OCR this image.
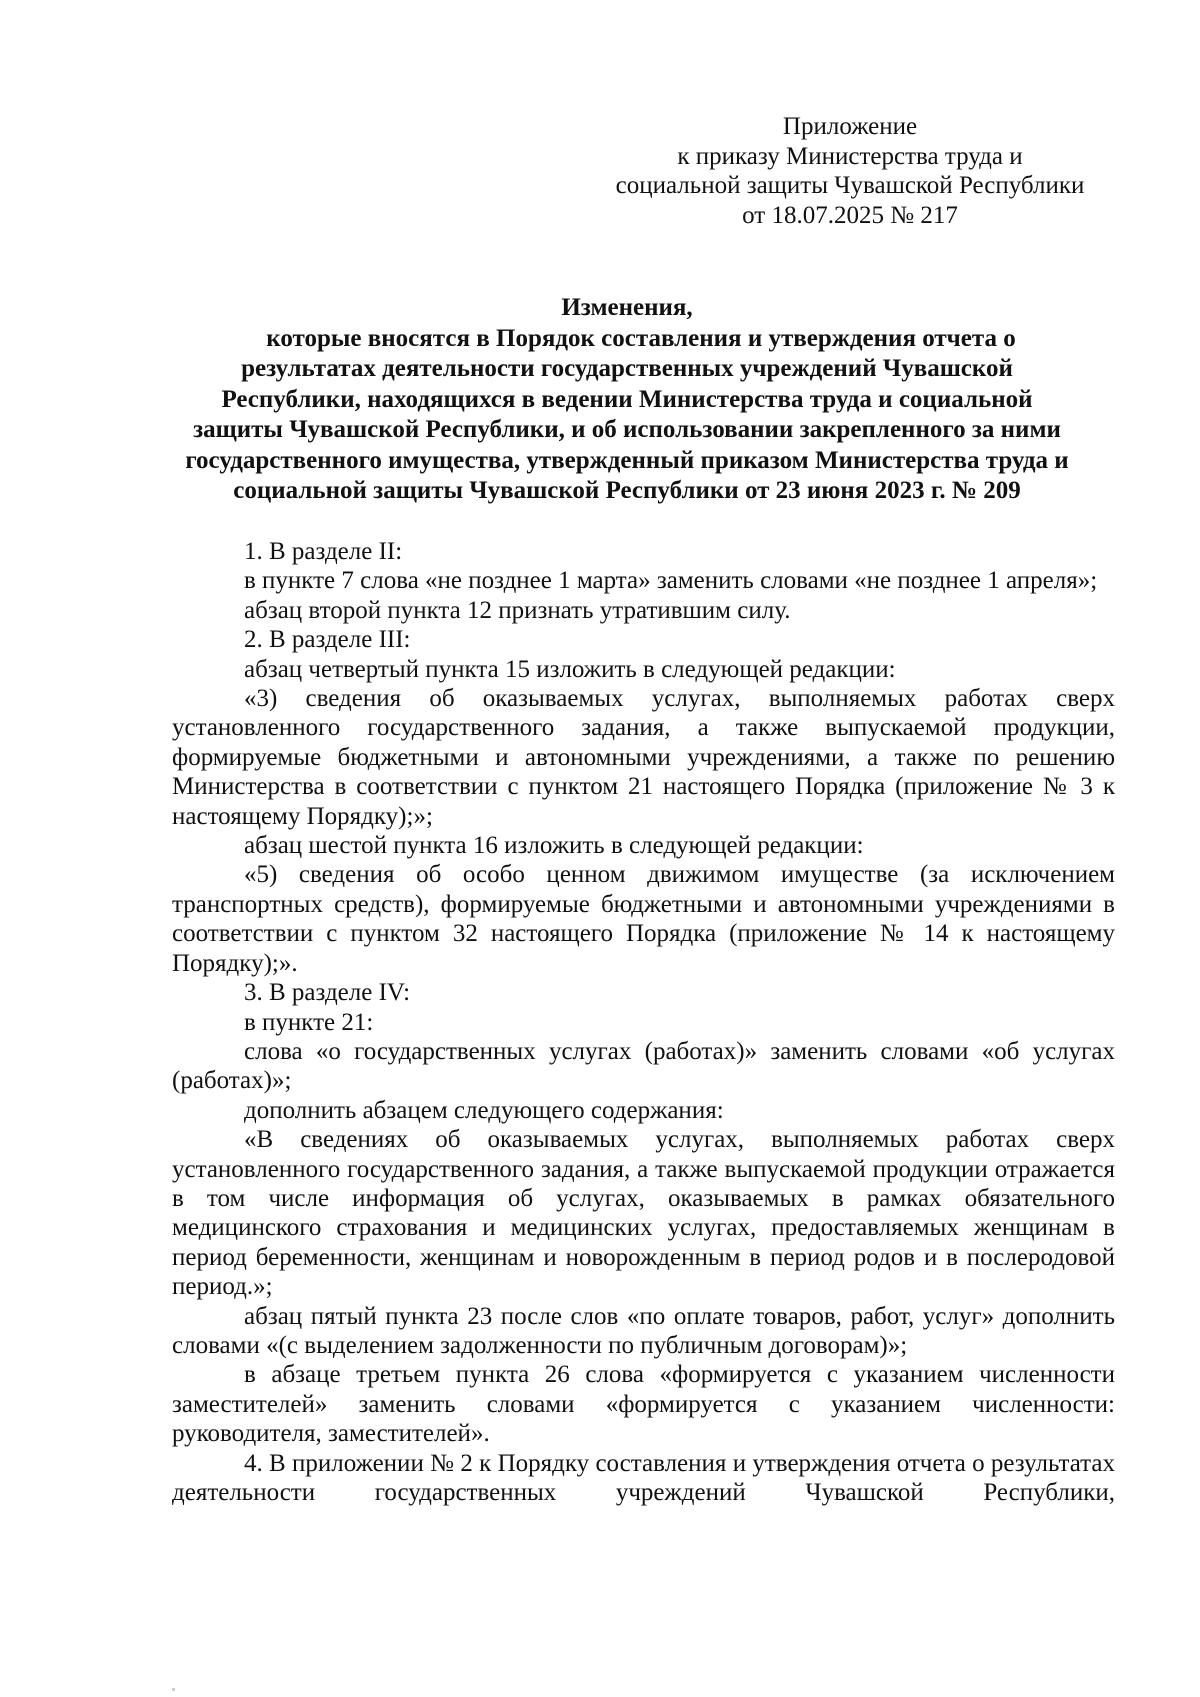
Приложение
к приказу Министерства труда и
социальной защиты Чувашской Республики
от 18.07.2025 № 217
Изменения,
которые вносятся в Порядок составления и утверждения отчета о
результатах деятельности государственных учреждений Чувашской
Республики, находящихся в ведении Министерства труда и социальной
защиты Чувашской Республики, и об использовании закрепленного за ними
государственного имущества, утвержденный приказом Министерства труда и
социальной защиты Чувашской Республики от 23 июня 2023 г. № 209

1. В разделе II:

в пункте 7 слова «не позднее 1 марта» заменить словами «не позднее 1 апреля»;

абзац второй пункта 12 признать утратившим силу.

2. В разделе III:

абзац четвертый пункта 15 изложить в следующей редакции:

«3) сведения об оказываемых услугах, выполняемых работах сверх установленного государственного задания, а также выпускаемой продукции, формируемые бюджетными и автономными учреждениями, а также по решению Министерства в соответствии с пунктом 21 настоящего Порядка (приложение № 3 к настоящему Порядку);»;

абзац шестой пункта 16 изложить в следующей редакции:

«5) сведения об особо ценном движимом имуществе (за исключением транспортных средств), формируемые бюджетными и автономными учреждениями в соответствии с пунктом 32 настоящего Порядка (приложение № 14 к настоящему Порядку);».

3. В разделе IV:

в пункте 21:

слова «о государственных услугах (работах)» заменить словами «об услугах (работах)»;

дополнить абзацем следующего содержания:

«В сведениях об оказываемых услугах, выполняемых работах сверх установленного государственного задания, а также выпускаемой продукции отражается в том числе информация об услугах, оказываемых в рамках обязательного медицинского страхования и медицинских услугах, предоставляемых женщинам в период беременности, женщинам и новорожденным в период родов и в послеродовой период.»;

абзац пятый пункта 23 после слов «по оплате товаров, работ, услуг» дополнить словами «(с выделением задолженности по публичным договорам)»;

в абзаце третьем пункта 26 слова «формируется с указанием численности заместителей» заменить словами «формируется с указанием численности: руководителя, заместителей».

4. В приложении № 2 к Порядку составления и утверждения отчета о результатах деятельности государственных учреждений Чувашской Республики,
